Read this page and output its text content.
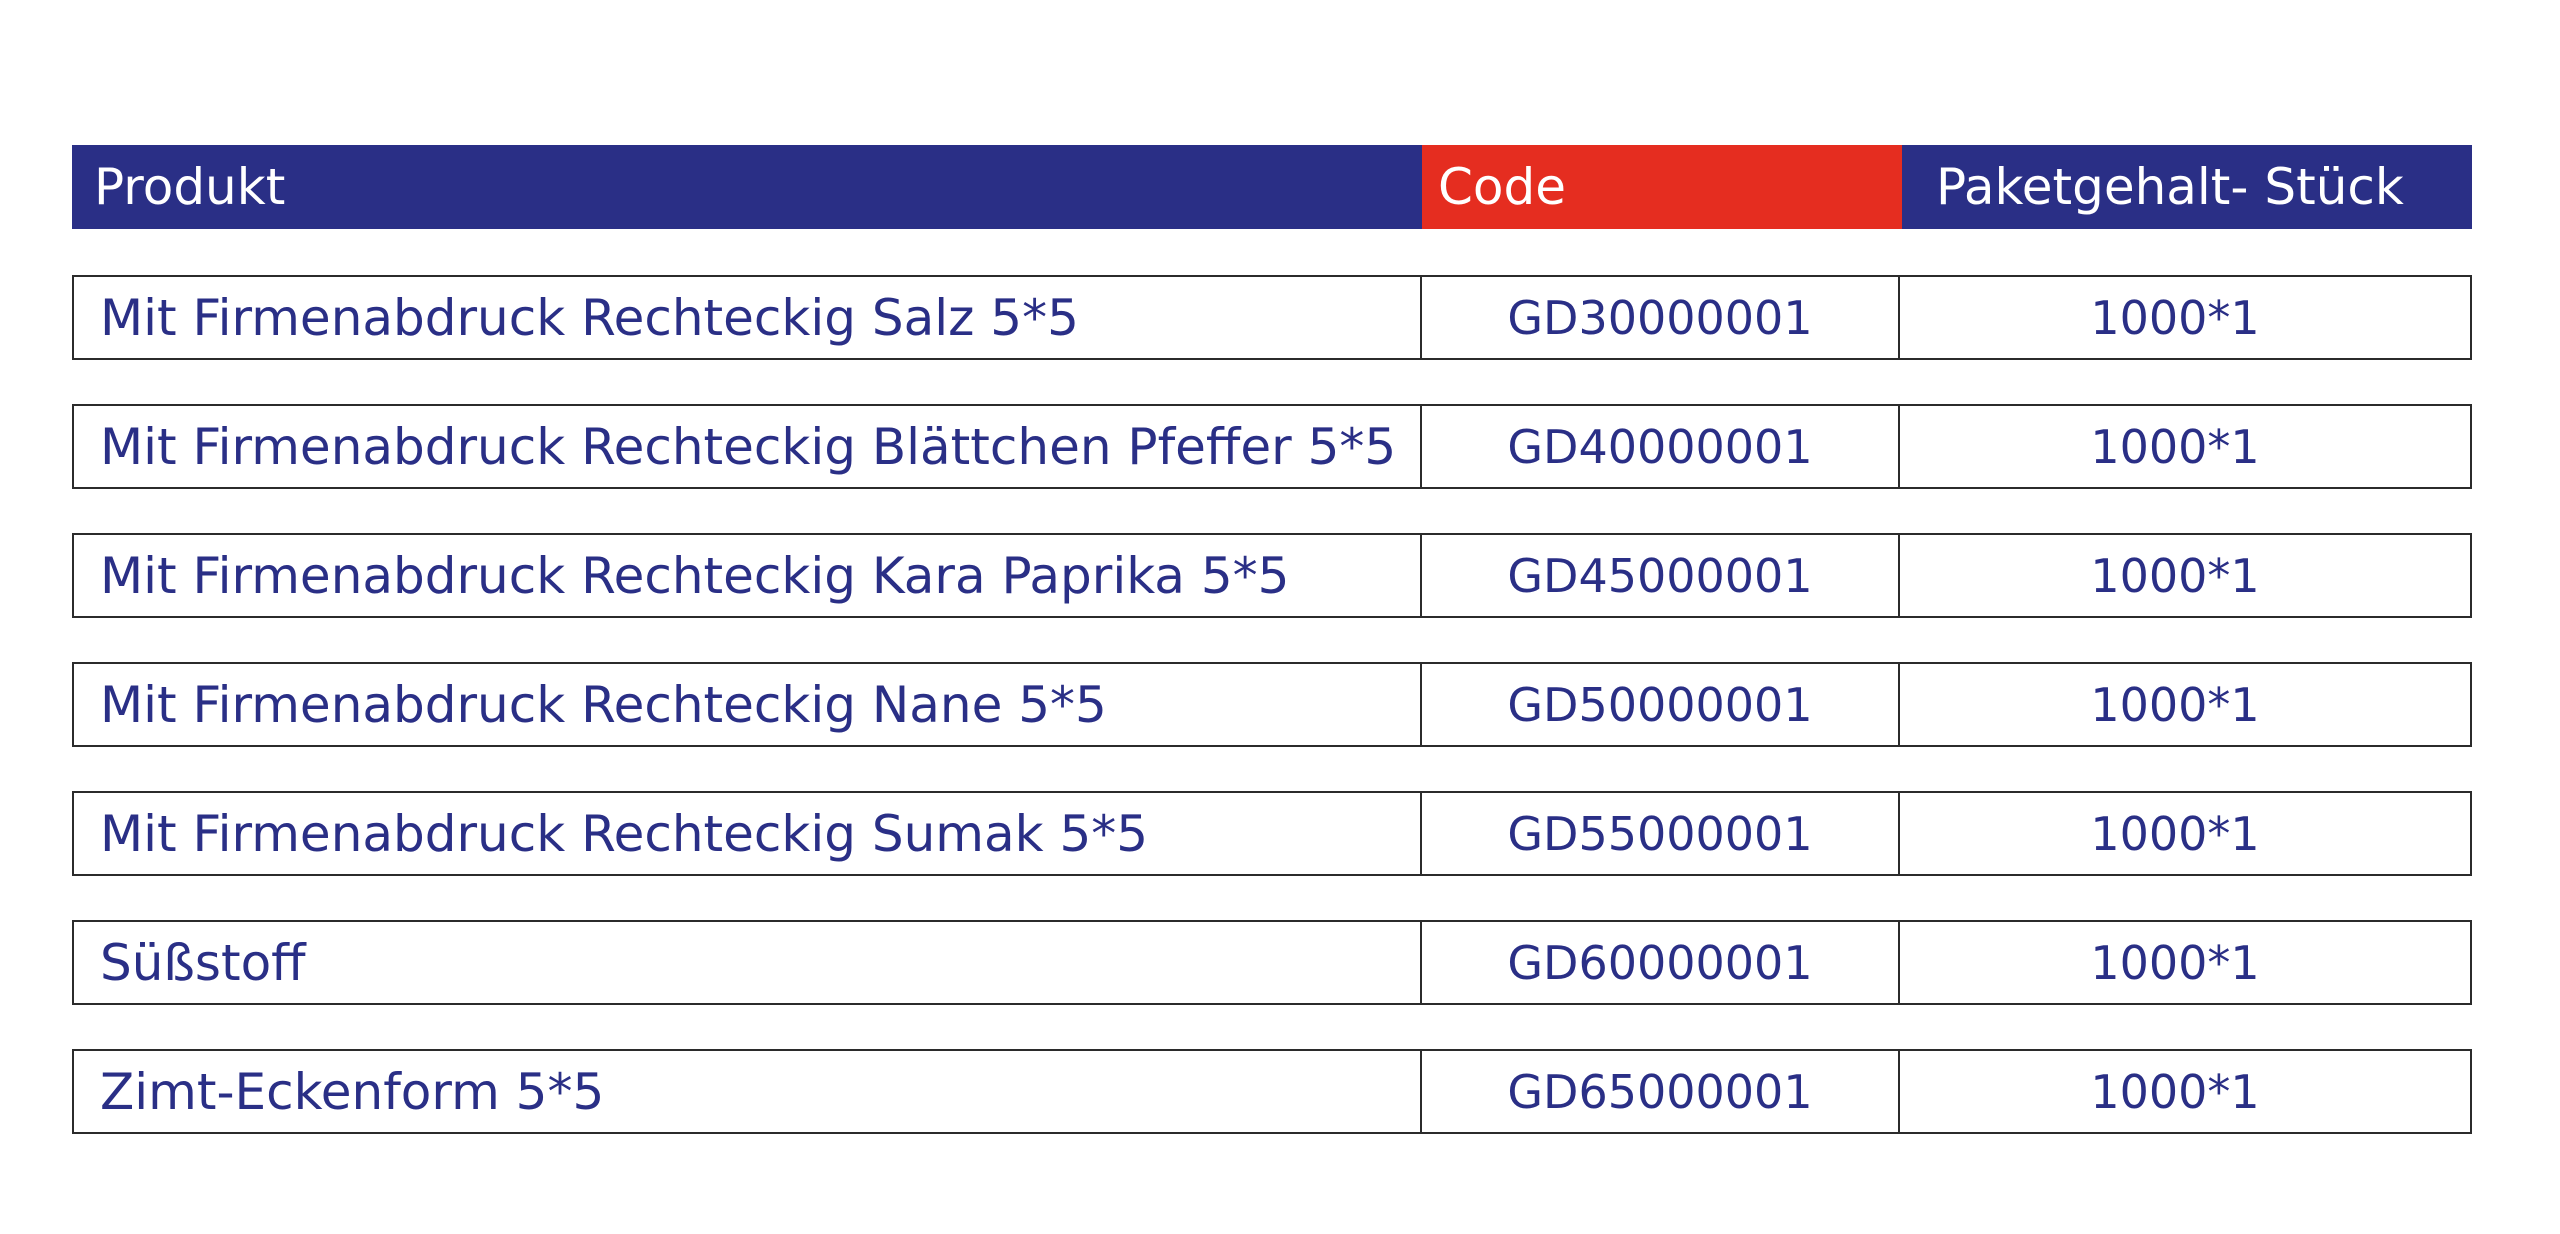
Produkt	Code	Paketgehalt- Stück
Mit Firmenabdruck Rechteckig Salz 5*5	GD30000001	1000*1
Mit Firmenabdruck Rechteckig Blättchen Pfeffer 5*5	GD40000001	1000*1
Mit Firmenabdruck Rechteckig Kara Paprika 5*5	GD45000001	1000*1
Mit Firmenabdruck Rechteckig Nane 5*5	GD50000001	1000*1
Mit Firmenabdruck Rechteckig Sumak 5*5	GD55000001	1000*1
Süßstoff	GD60000001	1000*1
Zimt-Eckenform 5*5	GD65000001	1000*1
